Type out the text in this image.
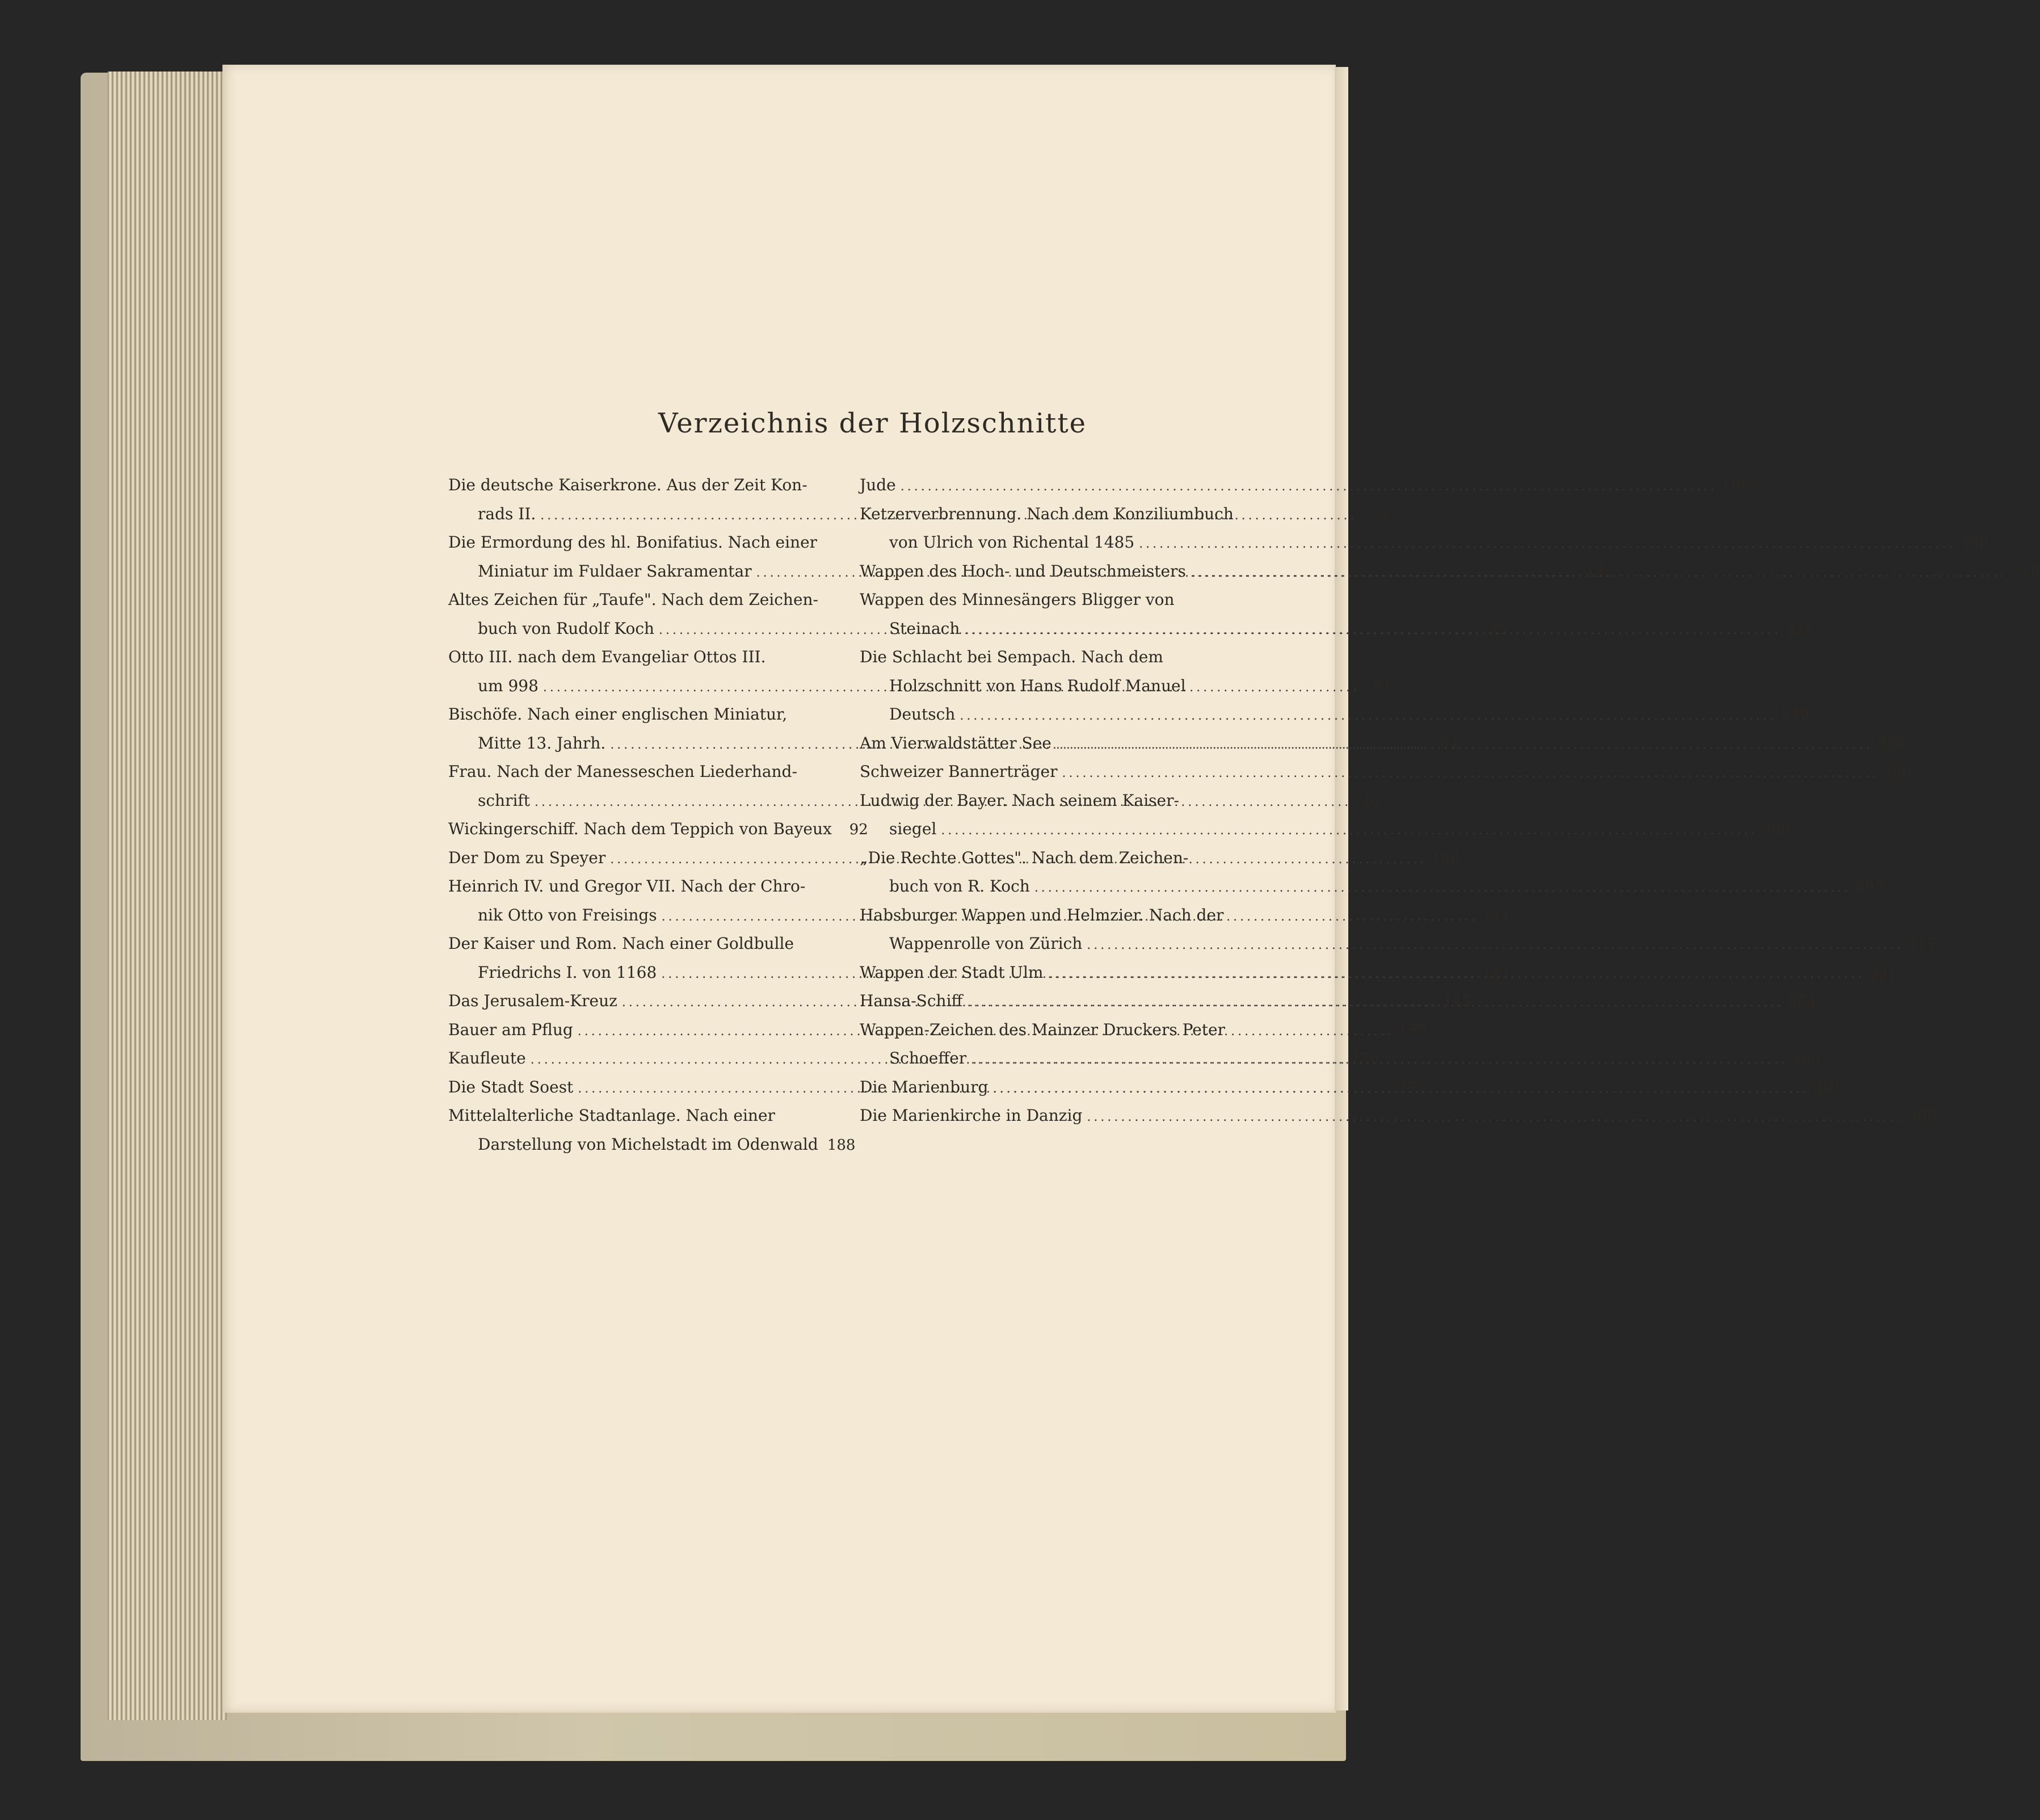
Verzeichnis der Holzschnitte
Die deutsche Kaiserkrone. Aus der Zeit Kon-
rads II. .....	5
Die Ermordung des hl. Bonifatius. Nach einer
Miniatur im Fuldaer Sakramentar .....	14
Altes Zeichen für „Taufe". Nach dem Zeichen-
buch von Rudolf Koch .....	25
Otto III. nach dem Evangeliar Ottos III.
um 998 .....	51
Bischöfe. Nach einer englischen Miniatur,
Mitte 13. Jahrh. .....	64
Frau. Nach der Manesseschen Liederhand-
schrift .....	82
Wickingerschiff. Nach dem Teppich von Bayeux	92
Der Dom zu Speyer .....	100
Heinrich IV. und Gregor VII. Nach der Chro-
nik Otto von Freisings .....	111
Der Kaiser und Rom. Nach einer Goldbulle
Friedrichs I. von 1168 .....	121
Das Jerusalem-Kreuz .....	145
Bauer am Pflug .....	155
Kaufleute .....	176
Die Stadt Soest .....	177
Mittelalterliche Stadtanlage. Nach einer
Darstellung von Michelstadt im Odenwald 188
Jude .....	196
Ketzerverbrennung. Nach dem Konziliumbuch
von Ulrich von Richental 1485 .....	209
Wappen des Hoch- und Deutschmeisters .....	218
Wappen des Minnesängers Bligger von
Steinach .....	225
Die Schlacht bei Sempach. Nach dem
Holzschnitt von Hans Rudolf Manuel
Deutsch .....	249
Am Vierwaldstätter See .....	250
Schweizer Bannerträger .....	260
Ludwig der Bayer. Nach seinem Kaiser-
siegel .....	280
„Die Rechte Gottes". Nach dem Zeichen-
buch von R. Koch .....	295
Habsburger Wappen und Helmzier. Nach der
Wappenrolle von Zürich .....	317
Wappen der Stadt Ulm .....	331
Hansa-Schiff .....	354
Wappen-Zeichen des Mainzer Druckers Peter
Schoeffer .....	380
Die Marienburg .....	381
Die Marienkirche in Danzig .....	386
